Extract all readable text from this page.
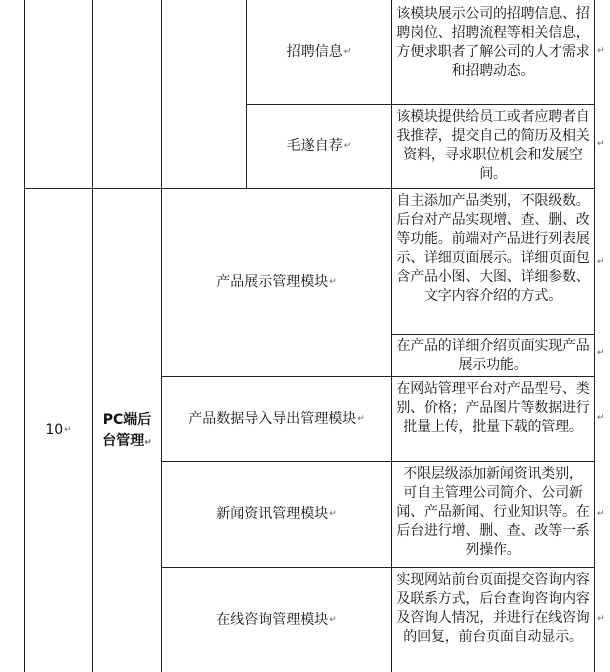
↵
↵
↵
↵
↵
↵
↵
10 ↵
PC端后台管理↵
招聘信息 ↵
毛遂自荐 ↵
产品展示管理模块 ↵
产品数据导入导出管理模块 ↵
新闻资讯管理模块 ↵
在线咨询管理模块 ↵
该模块展示公司的招聘信息、招聘岗位、招聘流程等相关信息，方便求职者了解公司的人才需求和招聘动态。
该模块提供给员工或者应聘者自我推荐，提交自己的简历及相关资料，寻求职位机会和发展空间。
自主添加产品类别，不限级数。后台对产品实现增、查、删、改等功能。前端对产品进行列表展示、详细页面展示。详细页面包含产品小图、大图、详细参数、文字内容介绍的方式。
在产品的详细介绍页面实现产品展示功能。
在网站管理平台对产品型号、类别、价格；产品图片等数据进行批量上传，批量下载的管理。
不限层级添加新闻资讯类别， 可自主管理公司简介、公司新闻、产品新闻、行业知识等。在后台进行增、删、查、改等一系列操作。
实现网站前台页面提交咨询内容及联系方式，后台查询咨询内容及咨询人情况，并进行在线咨询的回复，前台页面自动显示。
